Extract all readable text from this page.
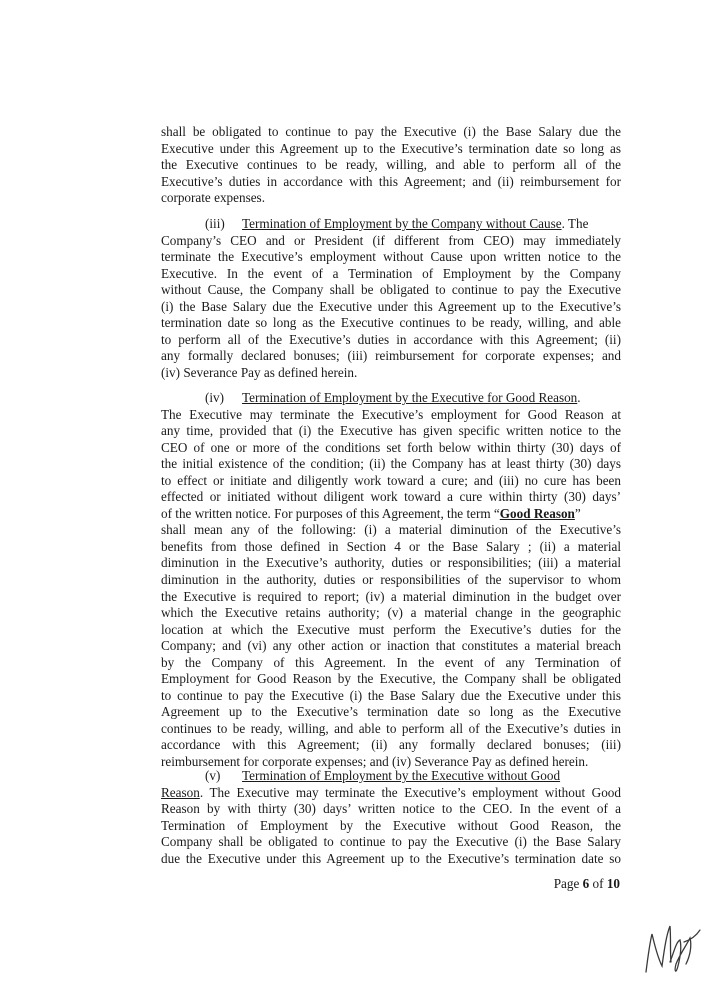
shall be obligated to continue to pay the Executive (i) the Base Salary due the
Executive under this Agreement up to the Executive’s termination date so long as
the Executive continues to be ready, willing, and able to perform all of the
Executive’s duties in accordance with this Agreement; and (ii) reimbursement for
corporate expenses.
(iii) Termination of Employment by the Company without Cause. The
Company’s CEO and or President (if different from CEO) may immediately
terminate the Executive’s employment without Cause upon written notice to the
Executive. In the event of a Termination of Employment by the Company
without Cause, the Company shall be obligated to continue to pay the Executive
(i) the Base Salary due the Executive under this Agreement up to the Executive’s
termination date so long as the Executive continues to be ready, willing, and able
to perform all of the Executive’s duties in accordance with this Agreement; (ii)
any formally declared bonuses; (iii) reimbursement for corporate expenses; and
(iv) Severance Pay as defined herein.
(iv) Termination of Employment by the Executive for Good Reason.
The Executive may terminate the Executive’s employment for Good Reason at
any time, provided that (i) the Executive has given specific written notice to the
CEO of one or more of the conditions set forth below within thirty (30) days of
the initial existence of the condition; (ii) the Company has at least thirty (30) days
to effect or initiate and diligently work toward a cure; and (iii) no cure has been
effected or initiated without diligent work toward a cure within thirty (30) days’
of the written notice. For purposes of this Agreement, the term “Good Reason”
shall mean any of the following: (i) a material diminution of the Executive’s
benefits from those defined in Section 4 or the Base Salary ; (ii) a material
diminution in the Executive’s authority, duties or responsibilities; (iii) a material
diminution in the authority, duties or responsibilities of the supervisor to whom
the Executive is required to report; (iv) a material diminution in the budget over
which the Executive retains authority; (v) a material change in the geographic
location at which the Executive must perform the Executive’s duties for the
Company; and (vi) any other action or inaction that constitutes a material breach
by the Company of this Agreement. In the event of any Termination of
Employment for Good Reason by the Executive, the Company shall be obligated
to continue to pay the Executive (i) the Base Salary due the Executive under this
Agreement up to the Executive’s termination date so long as the Executive
continues to be ready, willing, and able to perform all of the Executive’s duties in
accordance with this Agreement; (ii) any formally declared bonuses; (iii)
reimbursement for corporate expenses; and (iv) Severance Pay as defined herein.
(v) Termination of Employment by the Executive without Good
Reason. The Executive may terminate the Executive’s employment without Good
Reason by with thirty (30) days’ written notice to the CEO. In the event of a
Termination of Employment by the Executive without Good Reason, the
Company shall be obligated to continue to pay the Executive (i) the Base Salary
due the Executive under this Agreement up to the Executive’s termination date so
Page 6 of 10
